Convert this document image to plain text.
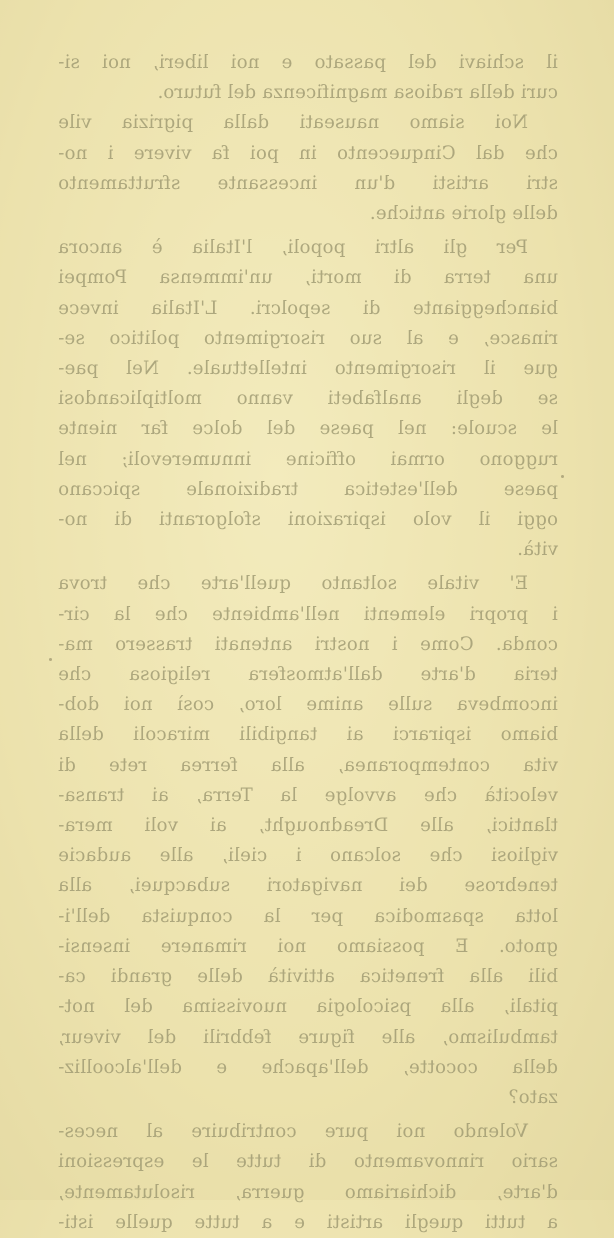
il schiavi del passato e noi liberi, noi si-
curi della radiosa magnificenza del futuro.

Noi siamo nauseati dalla pigrizia vile
che dal Cinquecento in poi fa vivere i no-
stri artisti d'un incessante sfruttamento
delle glorie antiche.

Per gli altri popoli, l'Italia è ancora
una terra di morti, un'immensa Pompei
biancheggiante di sepolcri. L'Italia invece
rinasce, e al suo risorgimento politico se-
gue il risorgimento intellettuale. Nel pae-
se degli analfabeti vanno moltiplicandosi
le scuole: nel paese del dolce far niente
ruggono ormai officine innumerevoli; nel
paese dell'estetica tradizionale spiccano
oggi il volo ispirazioni sfolgoranti di no-
vità.

E' vitale soltanto quell'arte che trova
i propri elementi nell'ambiente che la cir-
conda. Come i nostri antenati trassero ma-
teria d'arte dall'atmosfera religiosa che
incombeva sulle anime loro, così noi dob-
biamo ispirarci ai tangibili miracoli della
vita contemporanea, alla ferrea rete di
velocità che avvolge la Terra, ai transa-
tlantici, alle Dreadnought, ai voli mera-
vigliosi che solcano i cieli, alle audacie
tenebrose dei navigatori subacquei, alla
lotta spasmodica per la conquista dell'i-
gnoto. E possiamo noi rimanere insensi-
bili alla frenetica attività delle grandi ca-
pitali, alla psicologia nuovissima del not-
tambulismo, alle figure febbrili del viveur,
della cocotte, dell'apache e dell'alcoolliz-
zato?

Volendo noi pure contribuire al neces-
sario rinnovamento di tutte le espressioni
d'arte, dichiariamo guerra, risolutamente,
a tutti quegli artisti e a tutte quelle isti-
